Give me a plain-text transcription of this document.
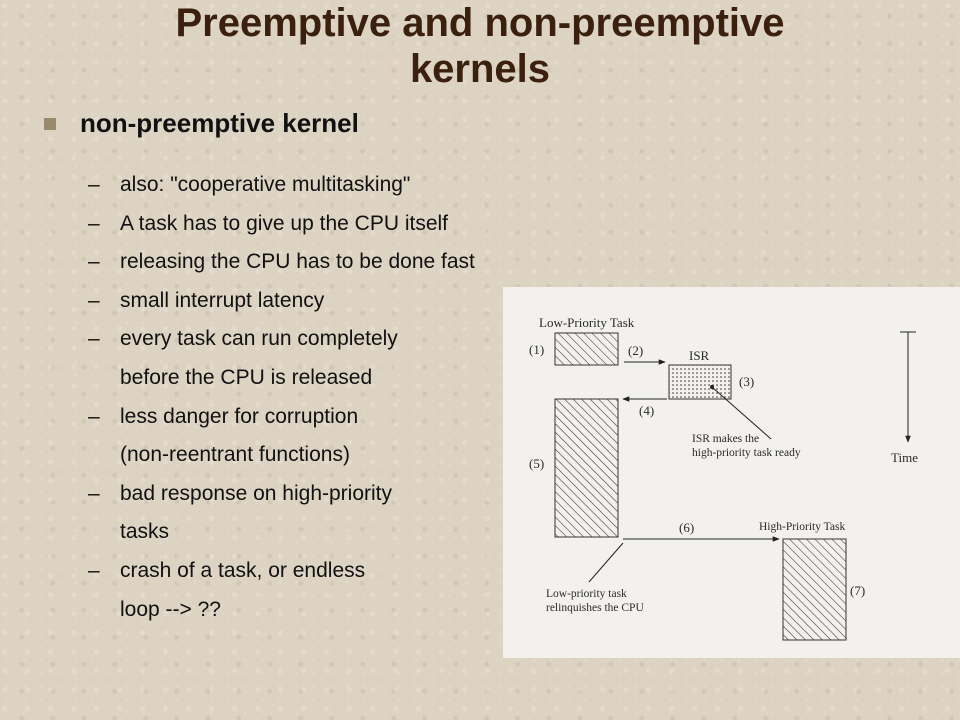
Preemptive and non-preemptive
kernels
non-preemptive kernel
– also: "cooperative multitasking"
– A task has to give up the CPU itself
– releasing the CPU has to be done fast
– small interrupt latency
– every task can run completely
before the CPU is released
– less danger for corruption
(non-reentrant functions)
– bad response on high-priority
tasks
– crash of a task, or endless
loop --> ??
Low-Priority Task
(1)	(2)	ISR
(3)
(4)
ISR makes the
high-priority task ready
(5)	Time
(6)	High-Priority Task
(7)
Low-priority task
relinquishes the CPU
